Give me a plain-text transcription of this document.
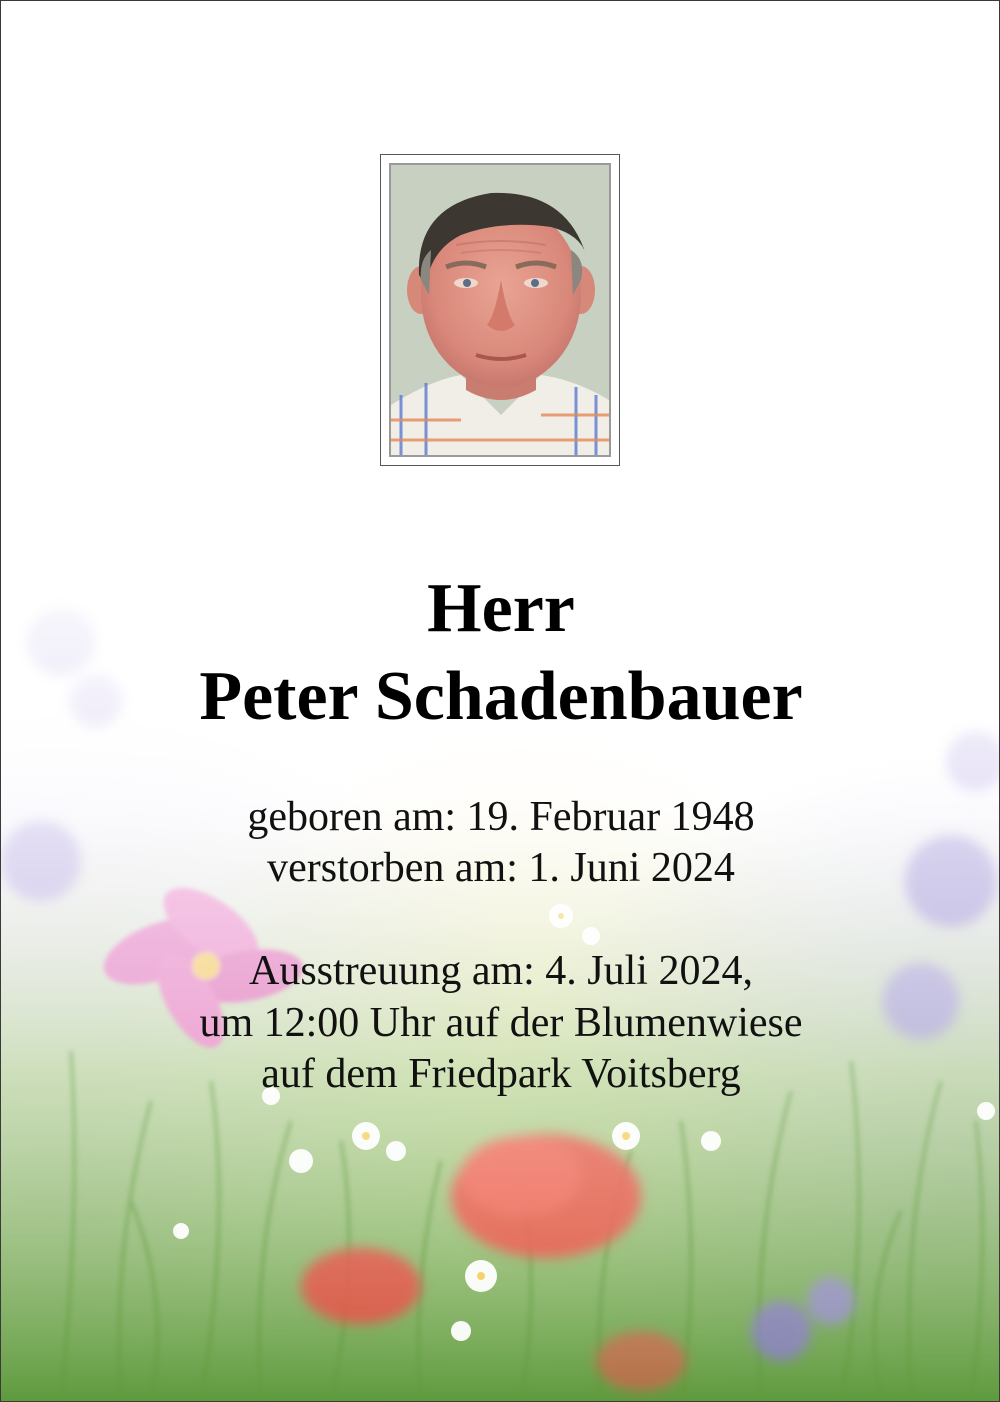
Herr
Peter Schadenbauer
geboren am: 19. Februar 1948
verstorben am: 1. Juni 2024
Ausstreuung am: 4. Juli 2024,
um 12:00 Uhr auf der Blumenwiese
auf dem Friedpark Voitsberg
